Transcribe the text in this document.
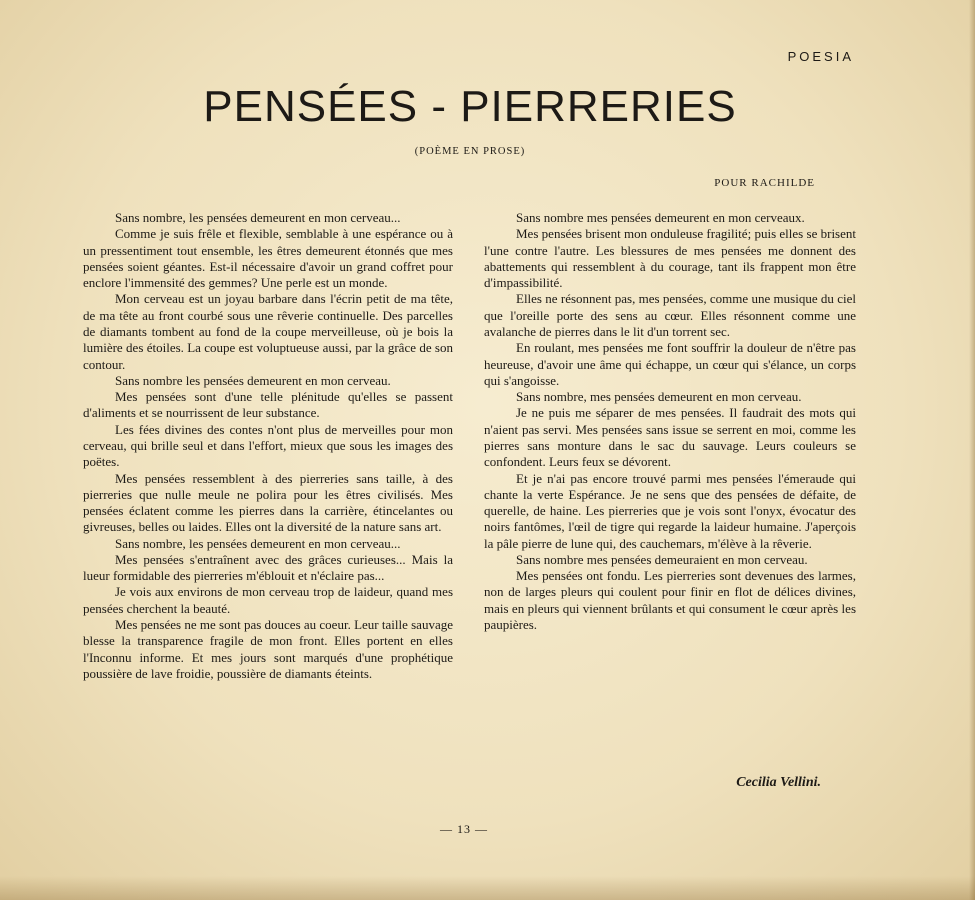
POESIA
PENSÉES - PIERRERIES
(POÈME EN PROSE)
POUR RACHILDE

Sans nombre, les pensées demeurent en mon cerveau...

Comme je suis frêle et flexible, semblable à une espérance ou à un pressentiment tout ensemble, les êtres demeurent étonnés que mes pensées soient géantes. Est-il nécessaire d'avoir un grand coffret pour enclore l'immensité des gemmes? Une perle est un monde.

Mon cerveau est un joyau barbare dans l'écrin petit de ma tête, de ma tête au front courbé sous une rêverie continuelle. Des parcelles de diamants tombent au fond de la coupe merveilleuse, où je bois la lumière des étoiles. La coupe est voluptueuse aussi, par la grâce de son contour.

Sans nombre les pensées demeurent en mon cerveau.

Mes pensées sont d'une telle plénitude qu'elles se passent d'aliments et se nourrissent de leur substance.

Les fées divines des contes n'ont plus de merveilles pour mon cerveau, qui brille seul et dans l'effort, mieux que sous les images des poëtes.

Mes pensées ressemblent à des pierreries sans taille, à des pierreries que nulle meule ne polira pour les êtres civilisés. Mes pensées éclatent comme les pierres dans la carrière, étincelantes ou givreuses, belles ou laides. Elles ont la diversité de la nature sans art.

Sans nombre, les pensées demeurent en mon cerveau...

Mes pensées s'entraînent avec des grâces curieuses... Mais la lueur formidable des pierreries m'éblouit et n'éclaire pas...

Je vois aux environs de mon cerveau trop de laideur, quand mes pensées cherchent la beauté.

Mes pensées ne me sont pas douces au coeur. Leur taille sauvage blesse la transparence fragile de mon front. Elles portent en elles l'Inconnu informe. Et mes jours sont marqués d'une prophétique poussière de lave froidie, poussière de diamants éteints.

Sans nombre mes pensées demeurent en mon cerveaux.

Mes pensées brisent mon onduleuse fragilité; puis elles se brisent l'une contre l'autre. Les blessures de mes pensées me donnent des abattements qui ressemblent à du courage, tant ils frappent mon être d'impassibilité.

Elles ne résonnent pas, mes pensées, comme une musique du ciel que l'oreille porte des sens au cœur. Elles résonnent comme une avalanche de pierres dans le lit d'un torrent sec.

En roulant, mes pensées me font souffrir la douleur de n'être pas heureuse, d'avoir une âme qui échappe, un cœur qui s'élance, un corps qui s'angoisse.

Sans nombre, mes pensées demeurent en mon cerveau.

Je ne puis me séparer de mes pensées. Il faudrait des mots qui n'aient pas servi. Mes pensées sans issue se serrent en moi, comme les pierres sans monture dans le sac du sauvage. Leurs couleurs se confondent. Leurs feux se dévorent.

Et je n'ai pas encore trouvé parmi mes pensées l'émeraude qui chante la verte Espérance. Je ne sens que des pensées de défaite, de querelle, de haine. Les pierreries que je vois sont l'onyx, évocatur des noirs fantômes, l'œil de tigre qui regarde la laideur humaine. J'aperçois la pâle pierre de lune qui, des cauchemars, m'élève à la rêverie.

Sans nombre mes pensées demeuraient en mon cerveau.

Mes pensées ont fondu. Les pierreries sont devenues des larmes, non de larges pleurs qui coulent pour finir en flot de délices divines, mais en pleurs qui viennent brûlants et qui consument le cœur après les paupières.

Cecilia Vellini.
— 13 —
